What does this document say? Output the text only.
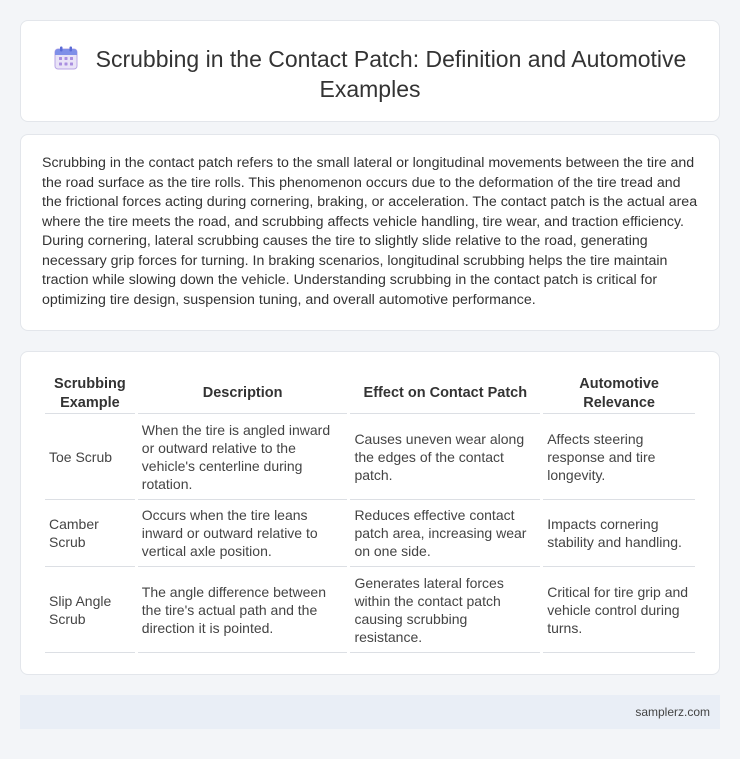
Scrubbing in the Contact Patch: Definition and Automotive Examples

Scrubbing in the contact patch refers to the small lateral or longitudinal movements between the tire and the road surface as the tire rolls. This phenomenon occurs due to the deformation of the tire tread and the frictional forces acting during cornering, braking, or acceleration. The contact patch is the actual area where the tire meets the road, and scrubbing affects vehicle handling, tire wear, and traction efficiency. During cornering, lateral scrubbing causes the tire to slightly slide relative to the road, generating necessary grip forces for turning. In braking scenarios, longitudinal scrubbing helps the tire maintain traction while slowing down the vehicle. Understanding scrubbing in the contact patch is critical for optimizing tire design, suspension tuning, and overall automotive performance.

Scrubbing Example	Description	Effect on Contact Patch	Automotive Relevance
Toe Scrub	When the tire is angled inward or outward relative to the vehicle's centerline during rotation.	Causes uneven wear along the edges of the contact patch.	Affects steering response and tire longevity.
Camber Scrub	Occurs when the tire leans inward or outward relative to vertical axle position.	Reduces effective contact patch area, increasing wear on one side.	Impacts cornering stability and handling.
Slip Angle Scrub	The angle difference between the tire's actual path and the direction it is pointed.	Generates lateral forces within the contact patch causing scrubbing resistance.	Critical for tire grip and vehicle control during turns.
samplerz.com
